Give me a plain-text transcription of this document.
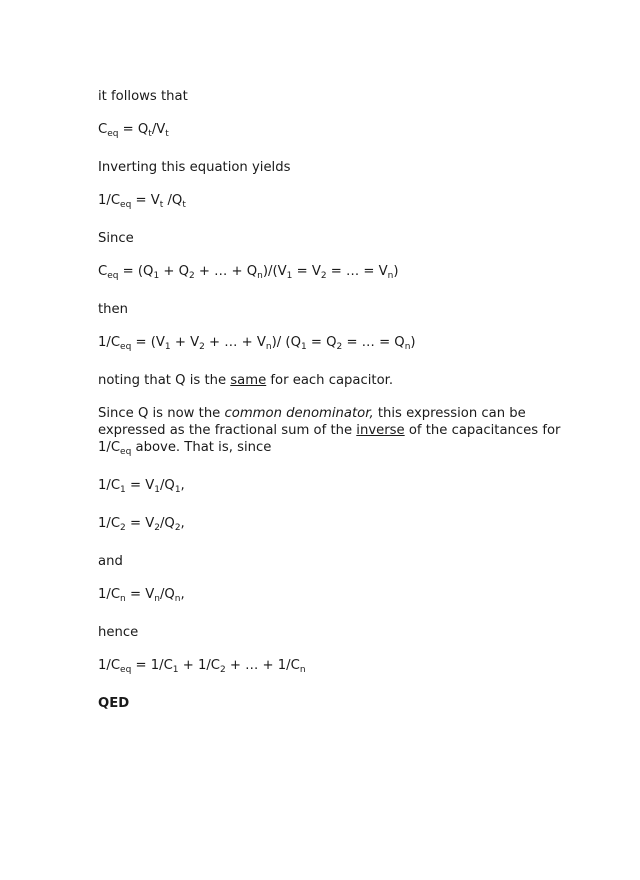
it follows that

$C_{eq} = Q_t/V_t$

Inverting this equation yields

$1/C_{eq} = V_t$ $/Q_t$

Since

$C_{eq} = (Q_1 + Q_2$ + … + $Q_n)/(V_1 = V_2$ = … = $V_n$)

then

$1/C_{eq} = (V_1 + V_2$ + … + $V_n)/$ ($Q_1 = Q_2$ = … = $Q_n$)

noting that Q is the same for each capacitor.

Since Q is now the common denominator, this expression can be expressed as the fractional sum of the inverse of the capacitances for $1/C_{eq}$ above. That is, since

$1/C_1 = V_1/Q_1$,

$1/C_2 = V_2/Q_2$,

and

$1/C_n = V_n/Q_n$,

hence

$1/C_{eq} = 1/C_1 + 1/C_2$ + … + $1/C_n$

QED
